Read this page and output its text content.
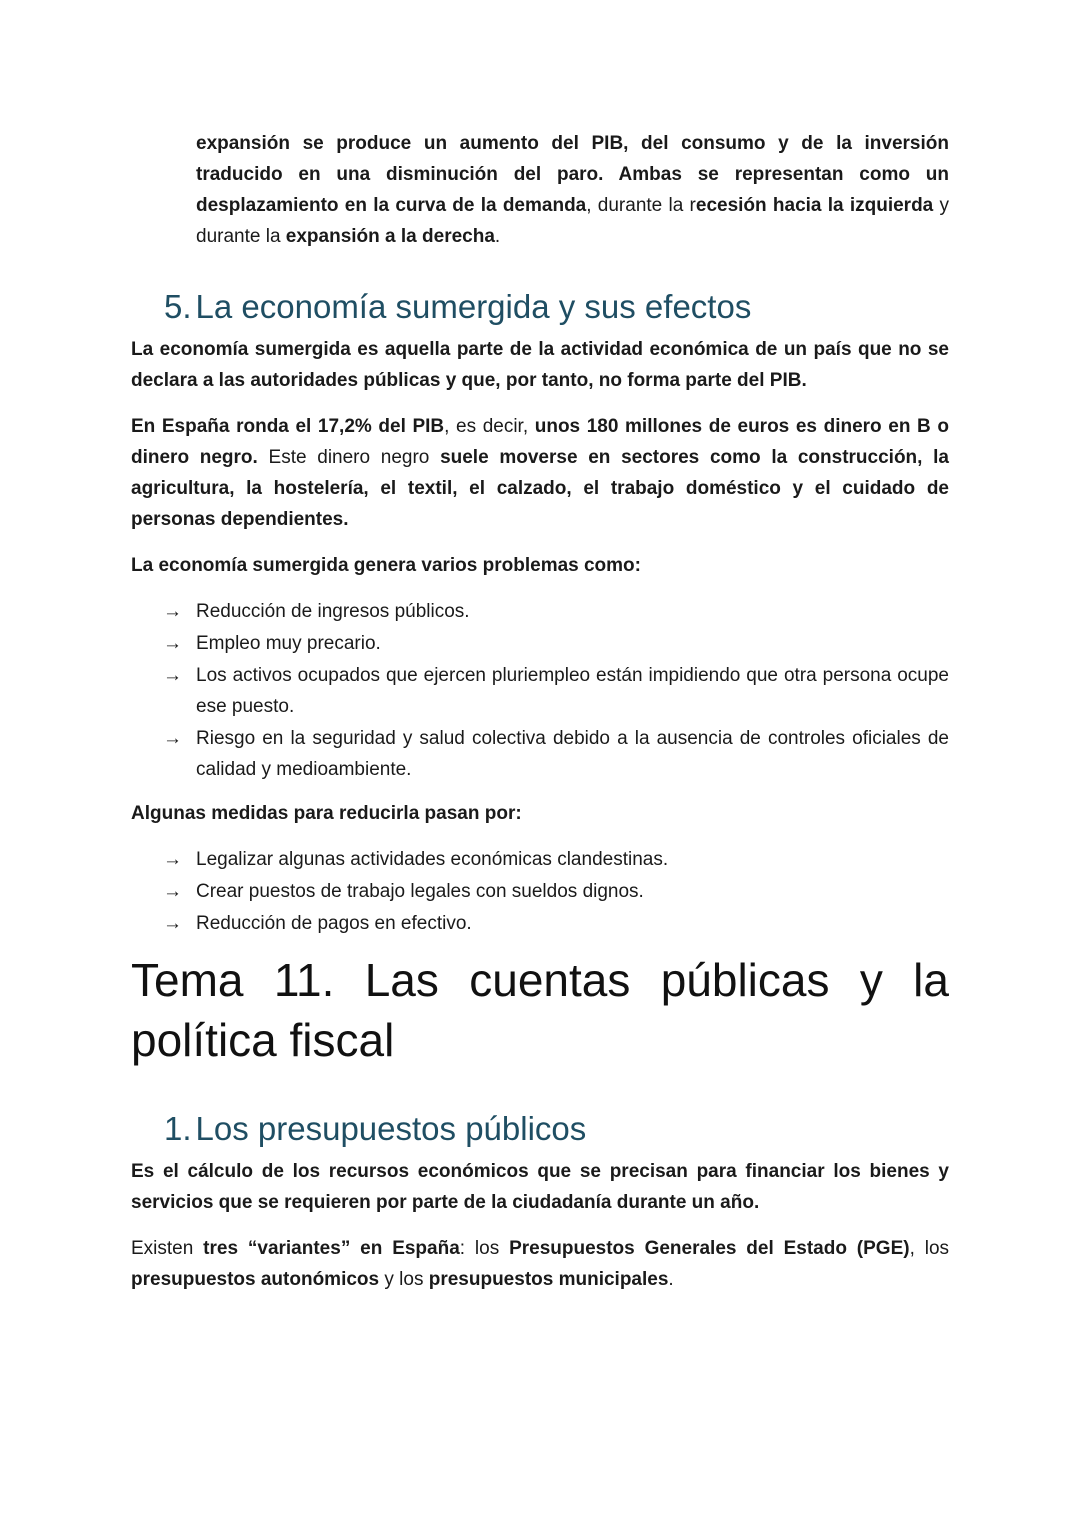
expansión se produce un aumento del PIB, del consumo y de la inversión traducido en una disminución del paro. Ambas se representan como un desplazamiento en la curva de la demanda, durante la recesión hacia la izquierda y durante la expansión a la derecha.

5. La economía sumergida y sus efectos

La economía sumergida es aquella parte de la actividad económica de un país que no se declara a las autoridades públicas y que, por tanto, no forma parte del PIB.

En España ronda el 17,2% del PIB, es decir, unos 180 millones de euros es dinero en B o dinero negro. Este dinero negro suele moverse en sectores como la construcción, la agricultura, la hostelería, el textil, el calzado, el trabajo doméstico y el cuidado de personas dependientes.

La economía sumergida genera varios problemas como:

→ Reducción de ingresos públicos.
→ Empleo muy precario.
→ Los activos ocupados que ejercen pluriempleo están impidiendo que otra persona ocupe ese puesto.
→ Riesgo en la seguridad y salud colectiva debido a la ausencia de controles oficiales de calidad y medioambiente.

Algunas medidas para reducirla pasan por:

→ Legalizar algunas actividades económicas clandestinas.
→ Crear puestos de trabajo legales con sueldos dignos.
→ Reducción de pagos en efectivo.
Tema 11. Las cuentas públicas y la política fiscal
1. Los presupuestos públicos

Es el cálculo de los recursos económicos que se precisan para financiar los bienes y servicios que se requieren por parte de la ciudadanía durante un año.

Existen tres “variantes” en España: los Presupuestos Generales del Estado (PGE), los presupuestos autonómicos y los presupuestos municipales.
